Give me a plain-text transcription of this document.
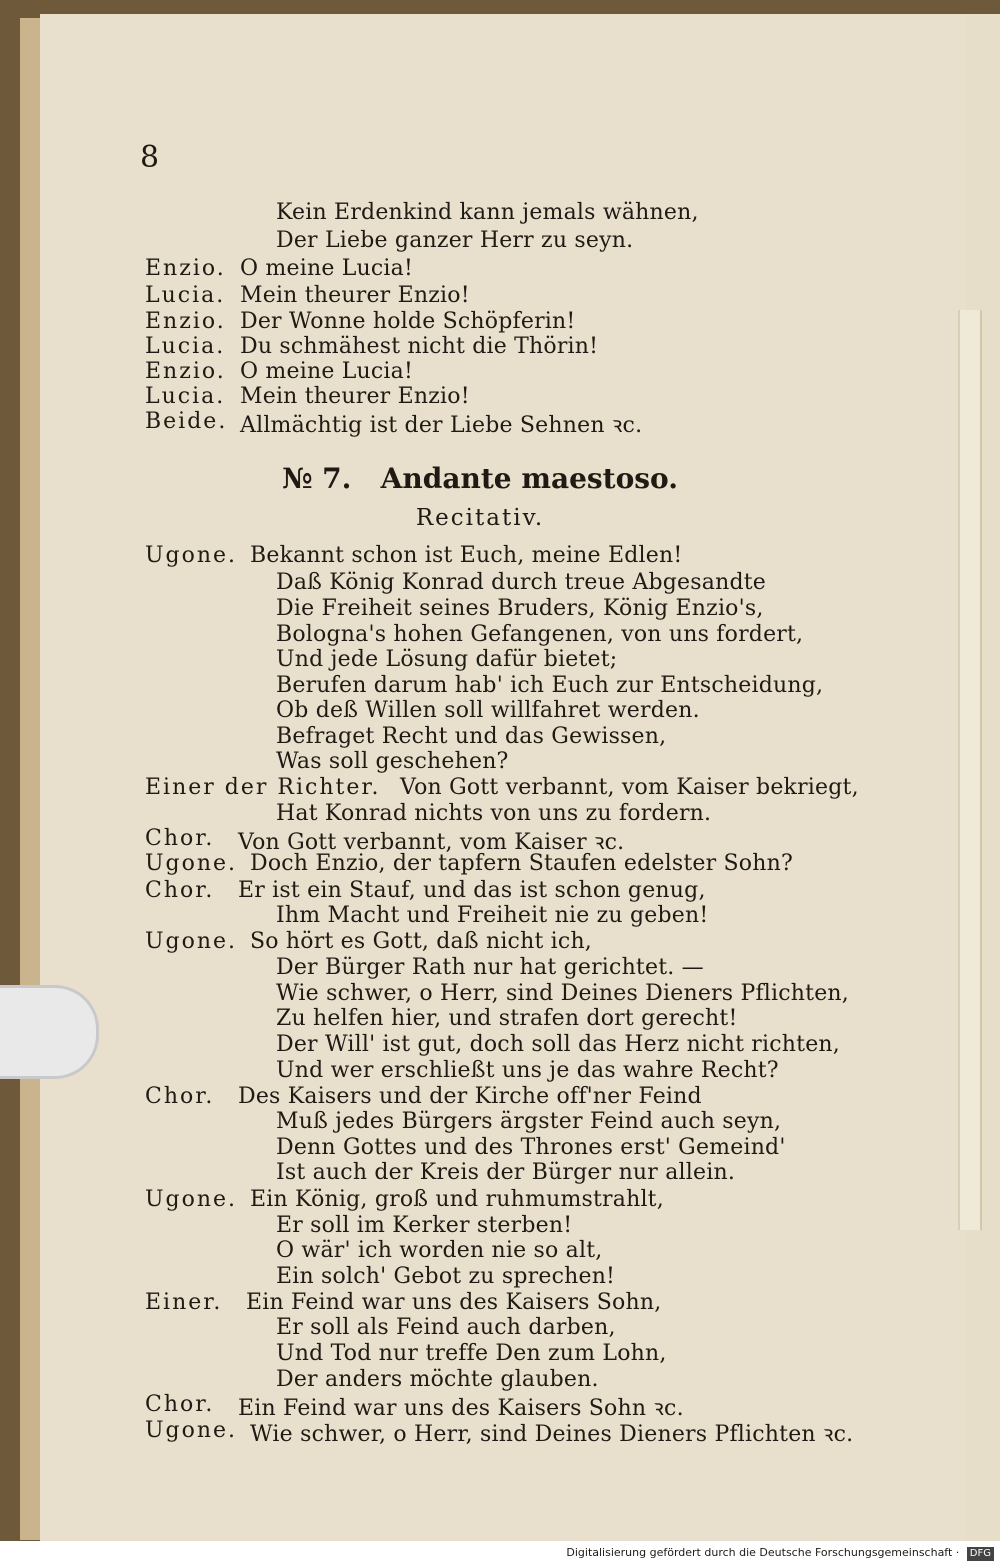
8
Kein Erdenkind kann jemals wähnen,
Der Liebe ganzer Herr zu seyn.
Enzio. O meine Lucia!
Lucia. Mein theurer Enzio!
Enzio. Der Wonne holde Schöpferin!
Lucia. Du schmähest nicht die Thörin!
Enzio. O meine Lucia!
Lucia. Mein theurer Enzio!
Beide. Allmächtig ist der Liebe Sehnen ꝛc.
№ 7. Andante maestoso.
Recitativ.
Ugone. Bekannt schon ist Euch, meine Edlen!
Daß König Konrad durch treue Abgesandte
Die Freiheit seines Bruders, König Enzio's,
Bologna's hohen Gefangenen, von uns fordert,
Und jede Lösung dafür bietet;
Berufen darum hab' ich Euch zur Entscheidung,
Ob deß Willen soll willfahret werden.
Befraget Recht und das Gewissen,
Was soll geschehen?
Einer der Richter. Von Gott verbannt, vom Kaiser bekriegt,
Hat Konrad nichts von uns zu fordern.
Chor. Von Gott verbannt, vom Kaiser ꝛc.
Ugone. Doch Enzio, der tapfern Staufen edelster Sohn?
Chor. Er ist ein Stauf, und das ist schon genug,
Ihm Macht und Freiheit nie zu geben!
Ugone. So hört es Gott, daß nicht ich,
Der Bürger Rath nur hat gerichtet. —
Wie schwer, o Herr, sind Deines Dieners Pflichten,
Zu helfen hier, und strafen dort gerecht!
Der Will' ist gut, doch soll das Herz nicht richten,
Und wer erschließt uns je das wahre Recht?
Chor. Des Kaisers und der Kirche off'ner Feind
Muß jedes Bürgers ärgster Feind auch seyn,
Denn Gottes und des Thrones erst' Gemeind'
Ist auch der Kreis der Bürger nur allein.
Ugone. Ein König, groß und ruhmumstrahlt,
Er soll im Kerker sterben!
O wär' ich worden nie so alt,
Ein solch' Gebot zu sprechen!
Einer. Ein Feind war uns des Kaisers Sohn,
Er soll als Feind auch darben,
Und Tod nur treffe Den zum Lohn,
Der anders möchte glauben.
Chor. Ein Feind war uns des Kaisers Sohn ꝛc.
Ugone. Wie schwer, o Herr, sind Deines Dieners Pflichten ꝛc.
Digitalisierung gefördert durch die Deutsche Forschungsgemeinschaft · DFG
